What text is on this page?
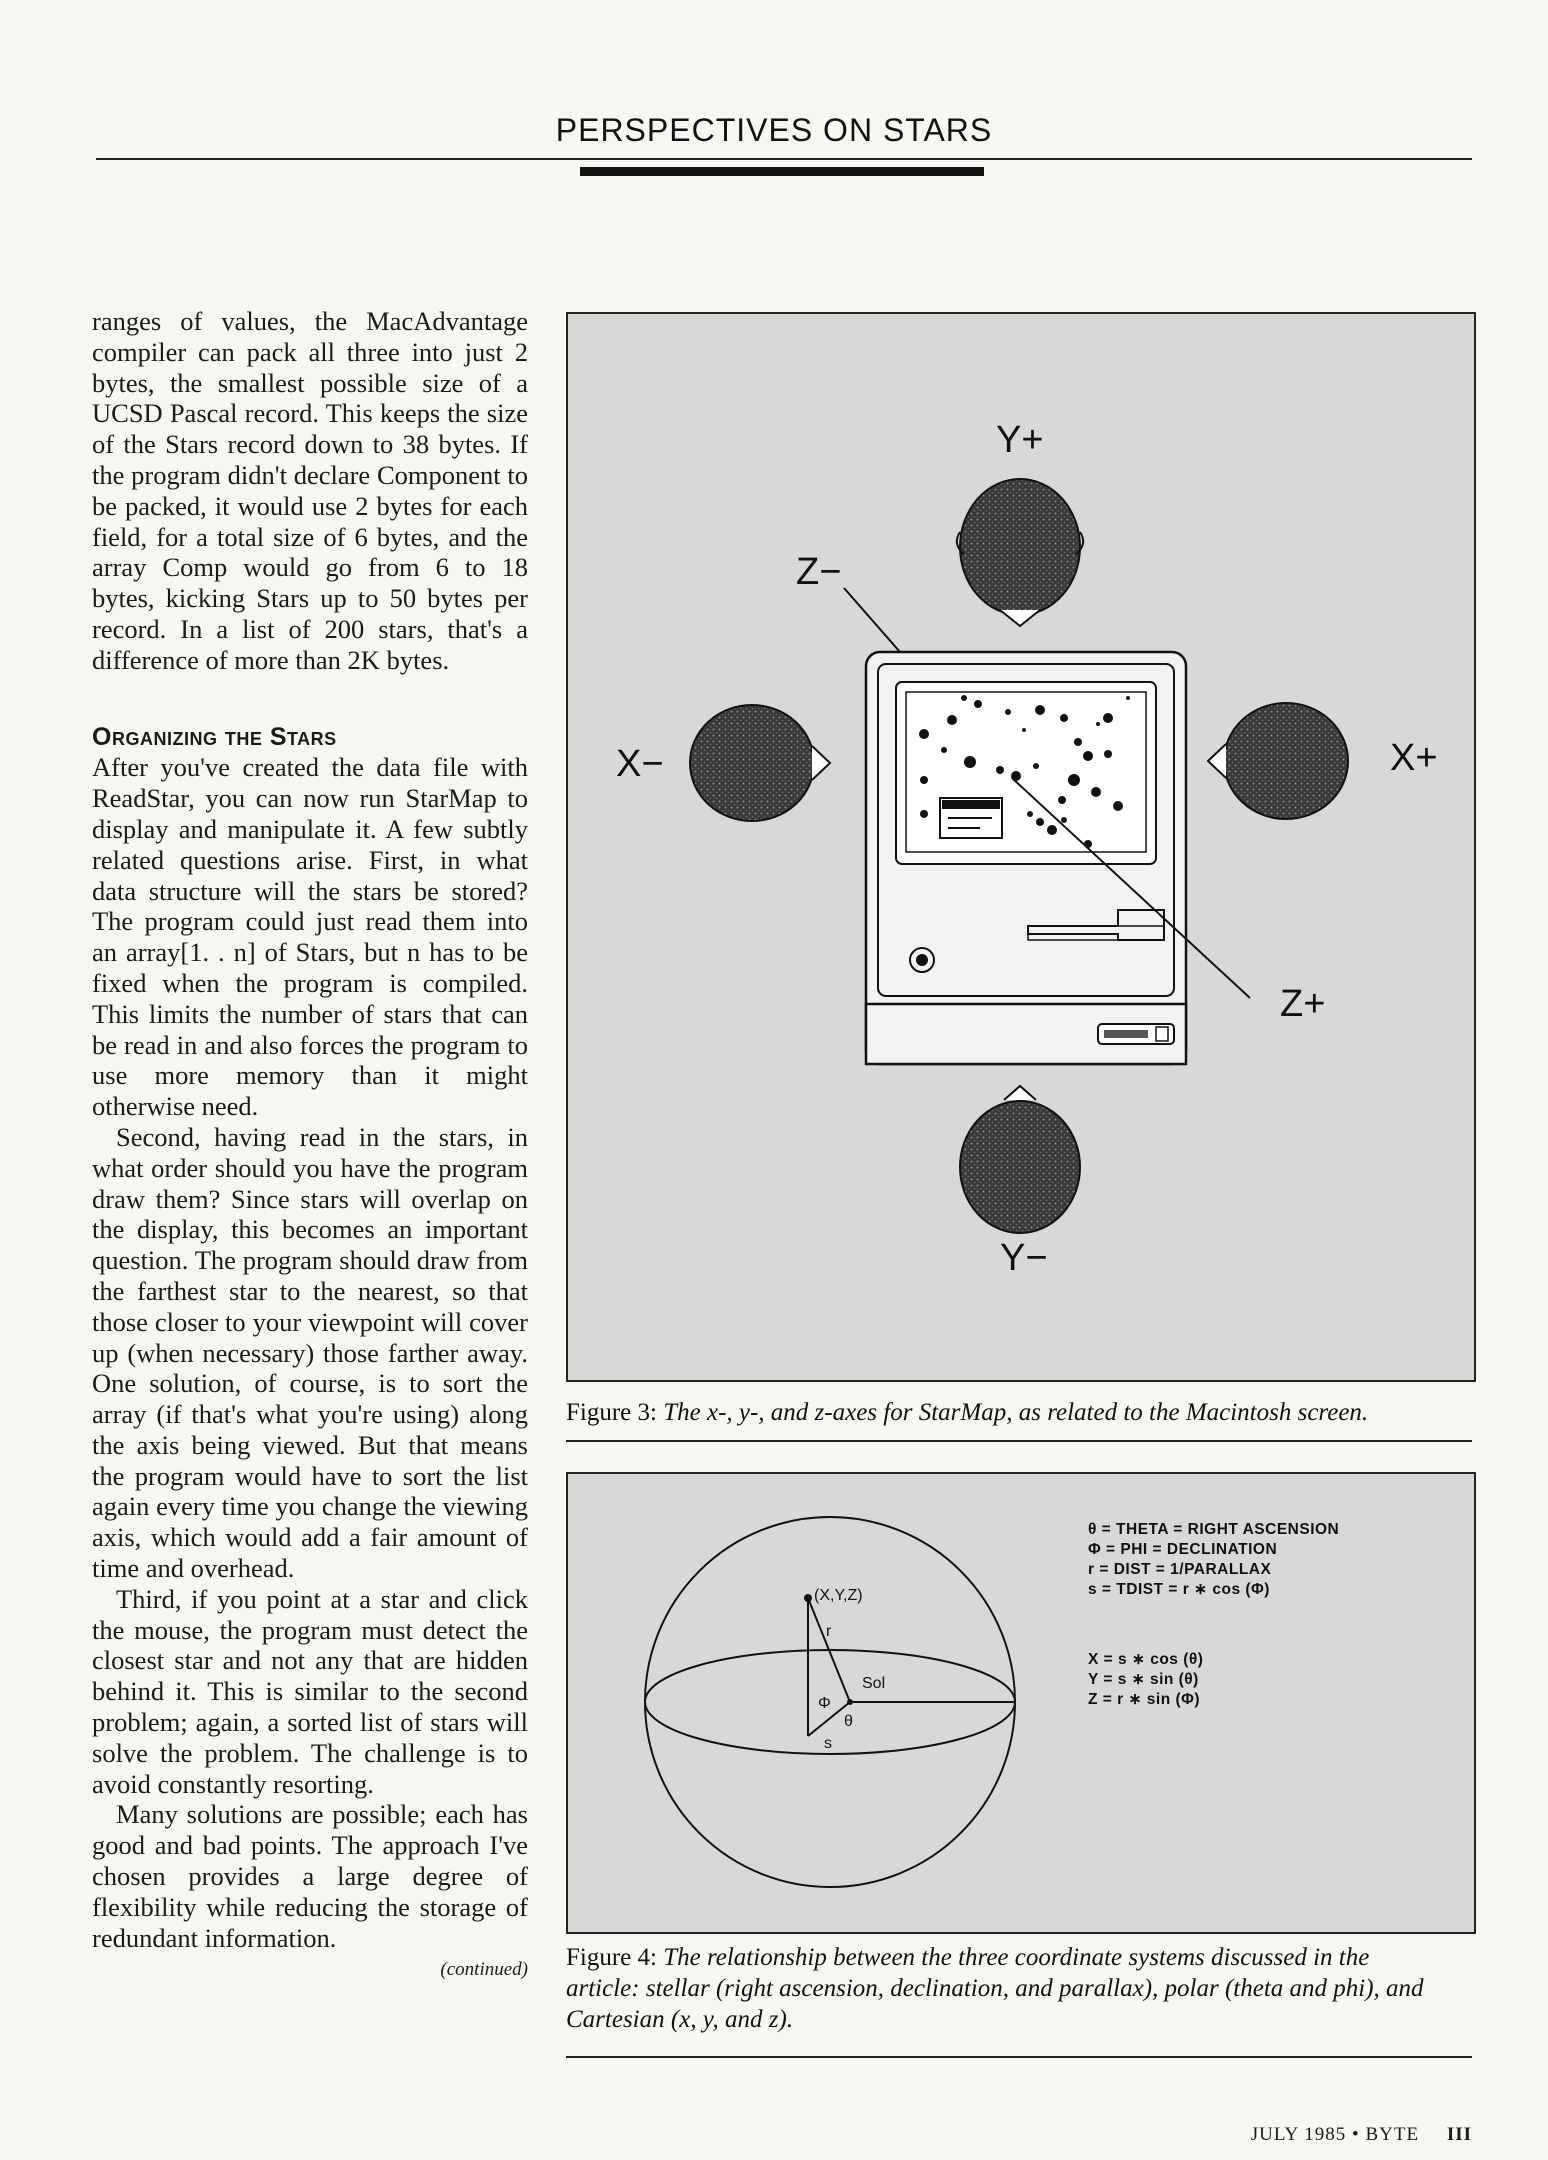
PERSPECTIVES ON STARS

ranges of values, the MacAdvantage compiler can pack all three into just 2 bytes, the smallest possible size of a UCSD Pascal record. This keeps the size of the Stars record down to 38 bytes. If the program didn't declare Component to be packed, it would use 2 bytes for each field, for a total size of 6 bytes, and the array Comp would go from 6 to 18 bytes, kicking Stars up to 50 bytes per record. In a list of 200 stars, that's a difference of more than 2K bytes.

Organizing the Stars

After you've created the data file with ReadStar, you can now run StarMap to display and manipulate it. A few subtly related questions arise. First, in what data structure will the stars be stored? The program could just read them into an array[1. . n] of Stars, but n has to be fixed when the program is compiled. This limits the number of stars that can be read in and also forces the program to use more memory than it might otherwise need.

Second, having read in the stars, in what order should you have the program draw them? Since stars will overlap on the display, this becomes an important question. The program should draw from the farthest star to the nearest, so that those closer to your viewpoint will cover up (when necessary) those farther away. One solution, of course, is to sort the array (if that's what you're using) along the axis being viewed. But that means the program would have to sort the list again every time you change the viewing axis, which would add a fair amount of time and overhead.

Third, if you point at a star and click the mouse, the program must detect the closest star and not any that are hidden behind it. This is similar to the second problem; again, a sorted list of stars will solve the problem. The challenge is to avoid constantly resorting.

Many solutions are possible; each has good and bad points. The approach I've chosen provides a large degree of flexibility while reducing the storage of redundant information.

(continued)
Y+
Z−
X−	X+
Z+
Y−
Figure 3: The x-, y-, and z-axes for StarMap, as related to the Macintosh screen.
(X,Y,Z)
r
Sol
Φ
θ
s
θ = THETA = RIGHT ASCENSION
Φ = PHI = DECLINATION
r = DIST = 1/PARALLAX
s = TDIST = r ∗ cos (Φ)
X = s ∗ cos (θ)
Y = s ∗ sin (θ)
Z = r ∗ sin (Φ)
Figure 4: The relationship between the three coordinate systems discussed in the article: stellar (right ascension, declination, and parallax), polar (theta and phi), and Cartesian (x, y, and z).
JULY 1985 • BYTE III
